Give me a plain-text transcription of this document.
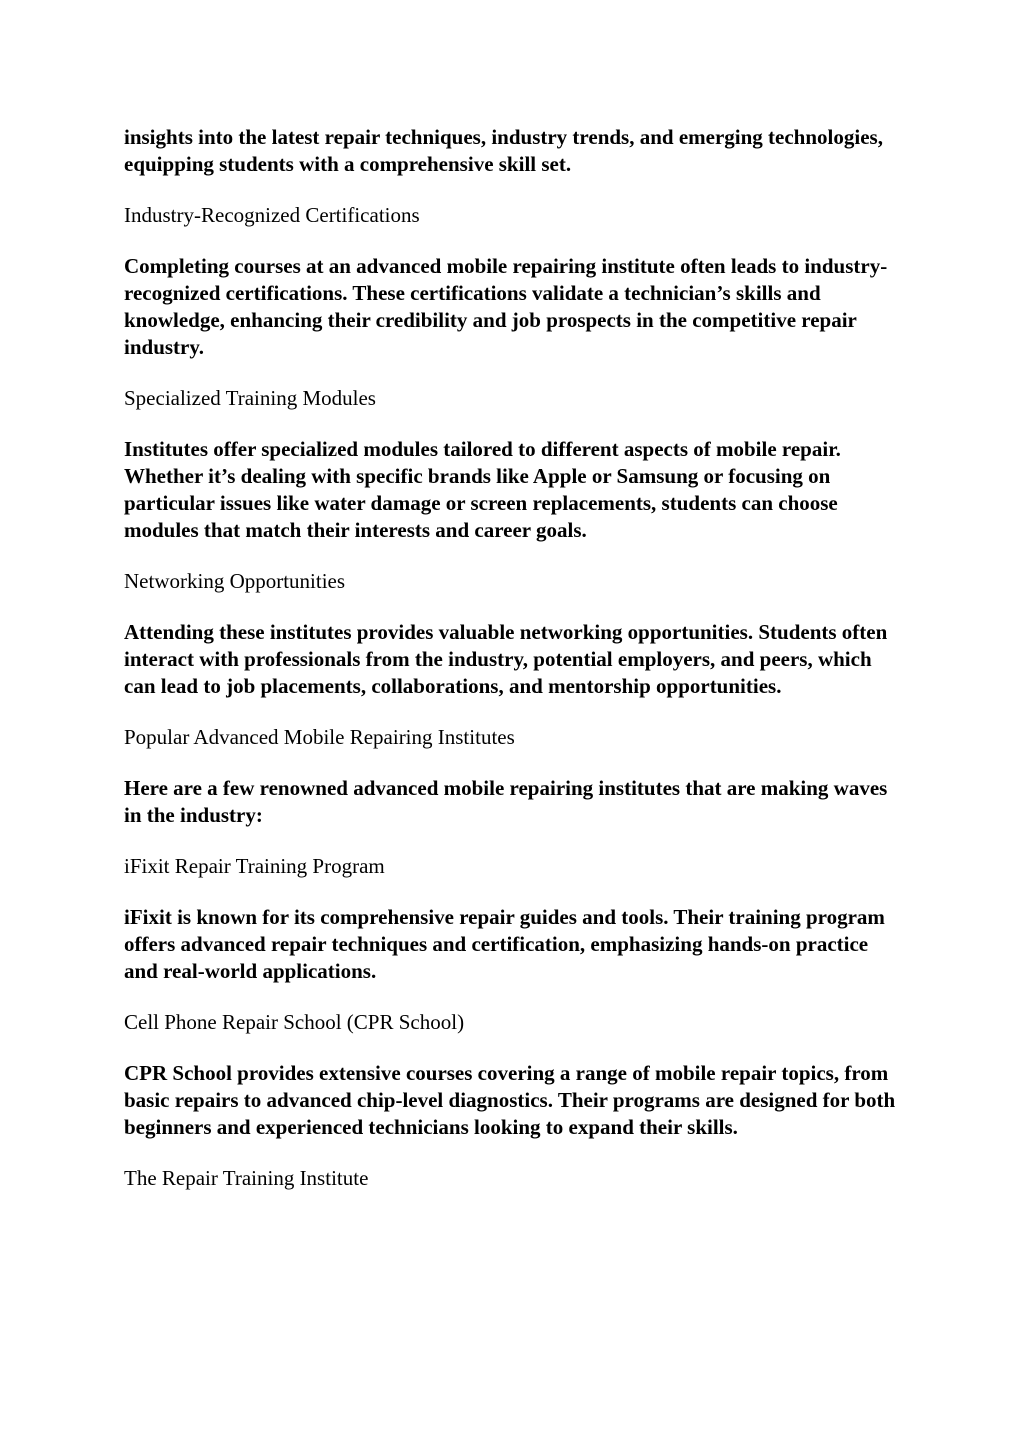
insights into the latest repair techniques, industry trends, and emerging technologies, equipping students with a comprehensive skill set.

Industry-Recognized Certifications

Completing courses at an advanced mobile repairing institute often leads to industry-recognized certifications. These certifications validate a technician’s skills and knowledge, enhancing their credibility and job prospects in the competitive repair industry.

Specialized Training Modules

Institutes offer specialized modules tailored to different aspects of mobile repair. Whether it’s dealing with specific brands like Apple or Samsung or focusing on particular issues like water damage or screen replacements, students can choose modules that match their interests and career goals.

Networking Opportunities

Attending these institutes provides valuable networking opportunities. Students often interact with professionals from the industry, potential employers, and peers, which can lead to job placements, collaborations, and mentorship opportunities.

Popular Advanced Mobile Repairing Institutes

Here are a few renowned advanced mobile repairing institutes that are making waves in the industry:

iFixit Repair Training Program

iFixit is known for its comprehensive repair guides and tools. Their training program offers advanced repair techniques and certification, emphasizing hands-on practice and real-world applications.

Cell Phone Repair School (CPR School)

CPR School provides extensive courses covering a range of mobile repair topics, from basic repairs to advanced chip-level diagnostics. Their programs are designed for both beginners and experienced technicians looking to expand their skills.

The Repair Training Institute
